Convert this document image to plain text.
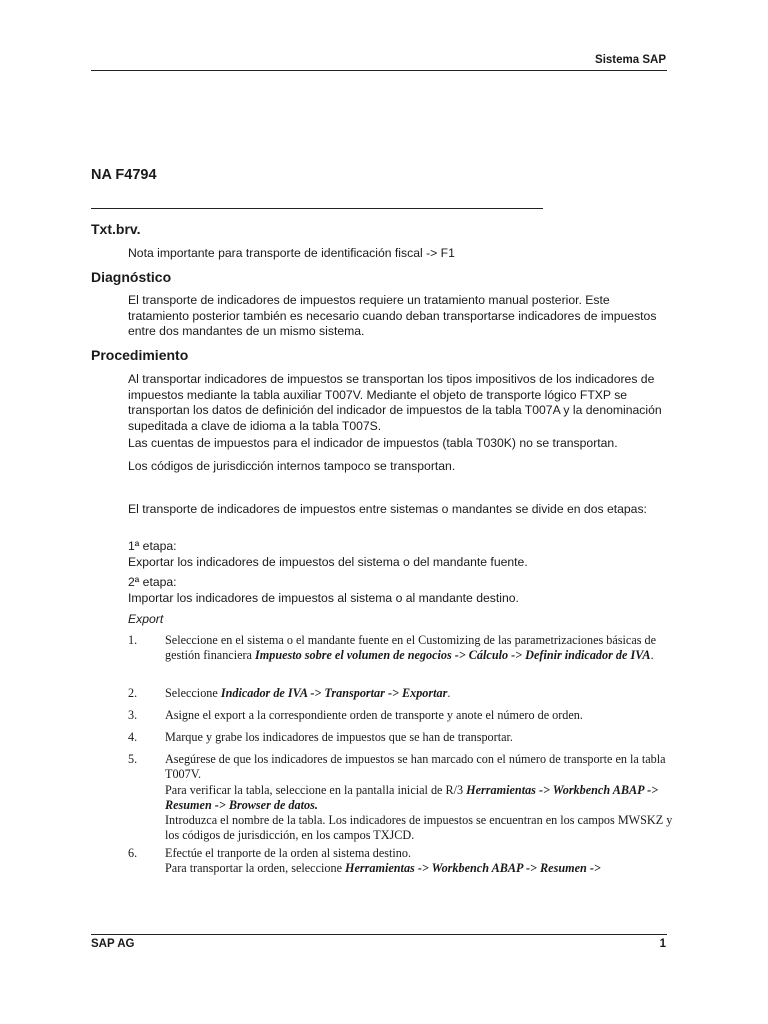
Sistema SAP
NA F4794
Txt.brv.
Nota importante para transporte de identificación fiscal -> F1
Diagnóstico
El transporte de indicadores de impuestos requiere un tratamiento manual posterior. Este tratamiento posterior también es necesario cuando deban transportarse indicadores de impuestos entre dos mandantes de un mismo sistema.
Procedimiento
Al transportar indicadores de impuestos se transportan los tipos impositivos de los indicadores de impuestos mediante la tabla auxiliar T007V. Mediante el objeto de transporte lógico FTXP se transportan los datos de definición del indicador de impuestos de la tabla T007A y la denominación supeditada a clave de idioma a la tabla T007S.
Las cuentas de impuestos para el indicador de impuestos (tabla T030K) no se transportan.
Los códigos de jurisdicción internos tampoco se transportan.
El transporte de indicadores de impuestos entre sistemas o mandantes se divide en dos etapas:

1ª etapa:

Exportar los indicadores de impuestos del sistema o del mandante fuente.

2ª etapa:

Importar los indicadores de impuestos al sistema o al mandante destino.

Export
1. Seleccione en el sistema o el mandante fuente en el Customizing de las parametrizaciones básicas de gestión financiera Impuesto sobre el volumen de negocios -> Cálculo -> Definir indicador de IVA.
2. Seleccione Indicador de IVA -> Transportar -> Exportar.
3. Asigne el export a la correspondiente orden de transporte y anote el número de orden.
4. Marque y grabe los indicadores de impuestos que se han de transportar.
5. Asegúrese de que los indicadores de impuestos se han marcado con el número de transporte en la tabla T007V.
Para verificar la tabla, seleccione en la pantalla inicial de R/3 Herramientas -> Workbench ABAP -> Resumen -> Browser de datos.
Introduzca el nombre de la tabla. Los indicadores de impuestos se encuentran en los campos MWSKZ y los códigos de jurisdicción, en los campos TXJCD.
6. Efectúe el tranporte de la orden al sistema destino.
Para transportar la orden, seleccione Herramientas -> Workbench ABAP -> Resumen ->
SAP AG	1
